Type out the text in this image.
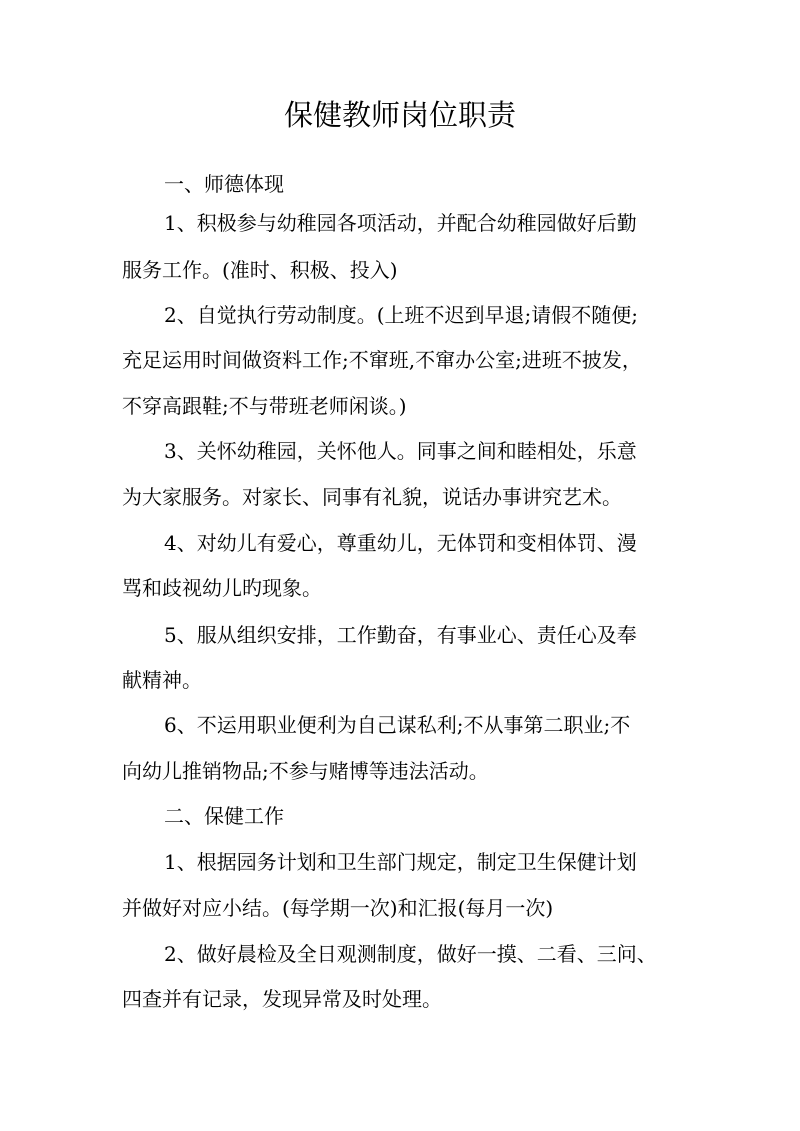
保健教师岗位职责
一、师德体现
1、积极参与幼稚园各项活动，并配合幼稚园做好后勤
服务工作。(准时、积极、投入)
2、自觉执行劳动制度。(上班不迟到早退;请假不随便;
充足运用时间做资料工作;不窜班,不窜办公室;进班不披发，
不穿高跟鞋;不与带班老师闲谈。)
3、关怀幼稚园，关怀他人。同事之间和睦相处，乐意
为大家服务。对家长、同事有礼貌，说话办事讲究艺术。
4、对幼儿有爱心，尊重幼儿，无体罚和变相体罚、漫
骂和歧视幼儿旳现象。
5、服从组织安排，工作勤奋，有事业心、责任心及奉
献精神。
6、不运用职业便利为自己谋私利;不从事第二职业;不
向幼儿推销物品;不参与赌博等违法活动。
二、保健工作
1、根据园务计划和卫生部门规定，制定卫生保健计划
并做好对应小结。(每学期一次)和汇报(每月一次)
2、做好晨检及全日观测制度，做好一摸、二看、三问、
四查并有记录，发现异常及时处理。
